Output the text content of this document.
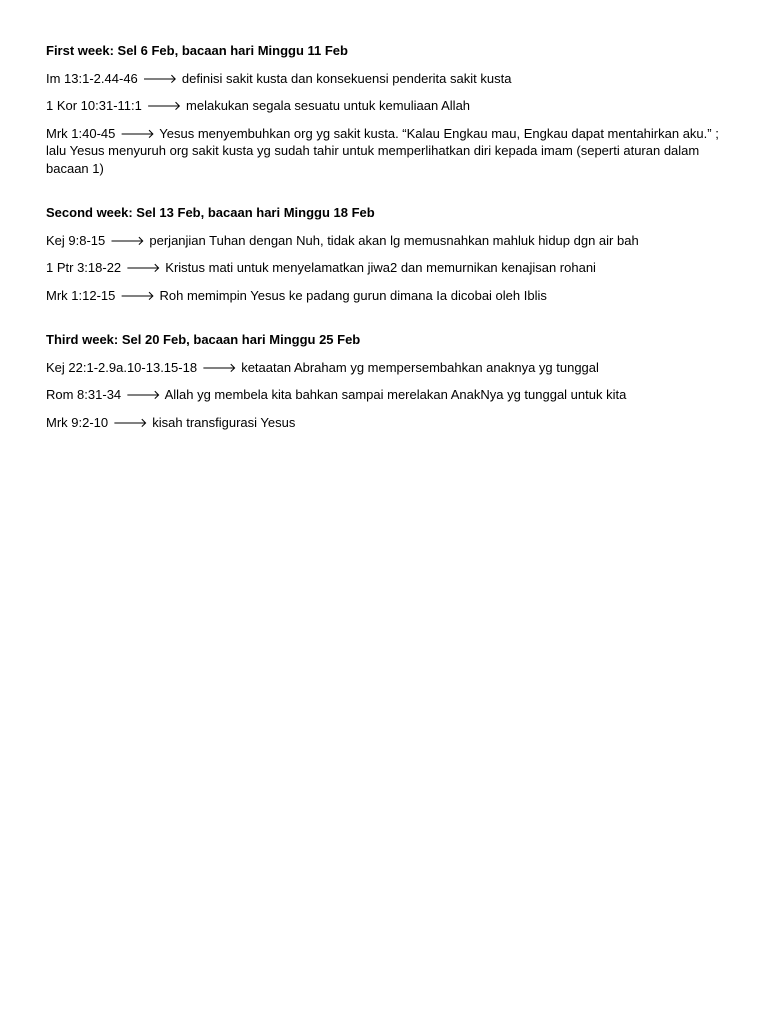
First week: Sel 6 Feb, bacaan hari Minggu 11 Feb

Im 13:1-2.44-46 🡒 definisi sakit kusta dan konsekuensi penderita sakit kusta

1 Kor 10:31-11:1 🡒 melakukan segala sesuatu untuk kemuliaan Allah

Mrk 1:40-45 🡒 Yesus menyembuhkan org yg sakit kusta. “Kalau Engkau mau, Engkau dapat mentahirkan aku.” ; lalu Yesus menyuruh org sakit kusta yg sudah tahir untuk memperlihatkan diri kepada imam (seperti aturan dalam bacaan 1)

Second week: Sel 13 Feb, bacaan hari Minggu 18 Feb

Kej 9:8-15 🡒 perjanjian Tuhan dengan Nuh, tidak akan lg memusnahkan mahluk hidup dgn air bah

1 Ptr 3:18-22 🡒 Kristus mati untuk menyelamatkan jiwa2 dan memurnikan kenajisan rohani

Mrk 1:12-15 🡒 Roh memimpin Yesus ke padang gurun dimana Ia dicobai oleh Iblis

Third week: Sel 20 Feb, bacaan hari Minggu 25 Feb

Kej 22:1-2.9a.10-13.15-18 🡒 ketaatan Abraham yg mempersembahkan anaknya yg tunggal

Rom 8:31-34 🡒 Allah yg membela kita bahkan sampai merelakan AnakNya yg tunggal untuk kita

Mrk 9:2-10 🡒 kisah transfigurasi Yesus
